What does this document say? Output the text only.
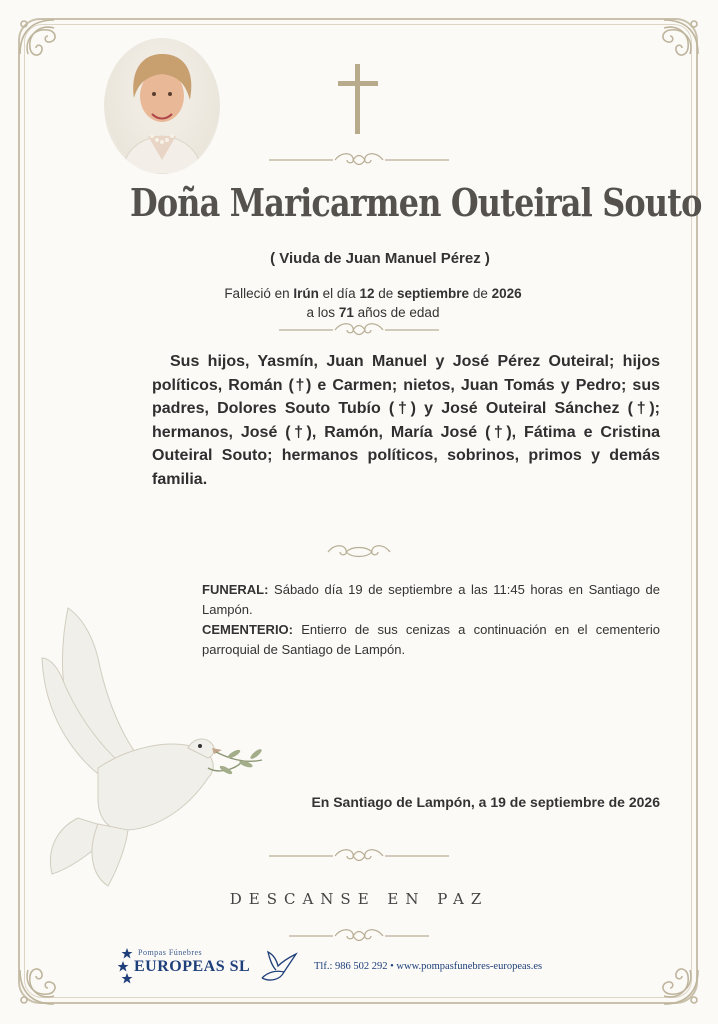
Doña Maricarmen Outeiral Souto
( Viuda de Juan Manuel Pérez )
Falleció en Irún el día 12 de septiembre de 2026
a los 71 años de edad
Sus hijos, Yasmín, Juan Manuel y José Pérez Outeiral; hijos políticos, Román (†) e Carmen; nietos, Juan Tomás y Pedro; sus padres, Dolores Souto Tubío (†) y José Outeiral Sánchez (†); hermanos, José (†), Ramón, María José (†), Fátima e Cristina Outeiral Souto; hermanos políticos, sobrinos, primos y demás familia.
FUNERAL: Sábado día 19 de septiembre a las 11:45 horas en Santiago de Lampón.
CEMENTERIO: Entierro de sus cenizas a continuación en el cementerio parroquial de Santiago de Lampón.
En Santiago de Lampón, a 19 de septiembre de 2026
DESCANSE EN PAZ
Pompas Fúnebres
EUROPEAS SL	Tlf.: 986 502 292 • www.pompasfunebres-europeas.es
